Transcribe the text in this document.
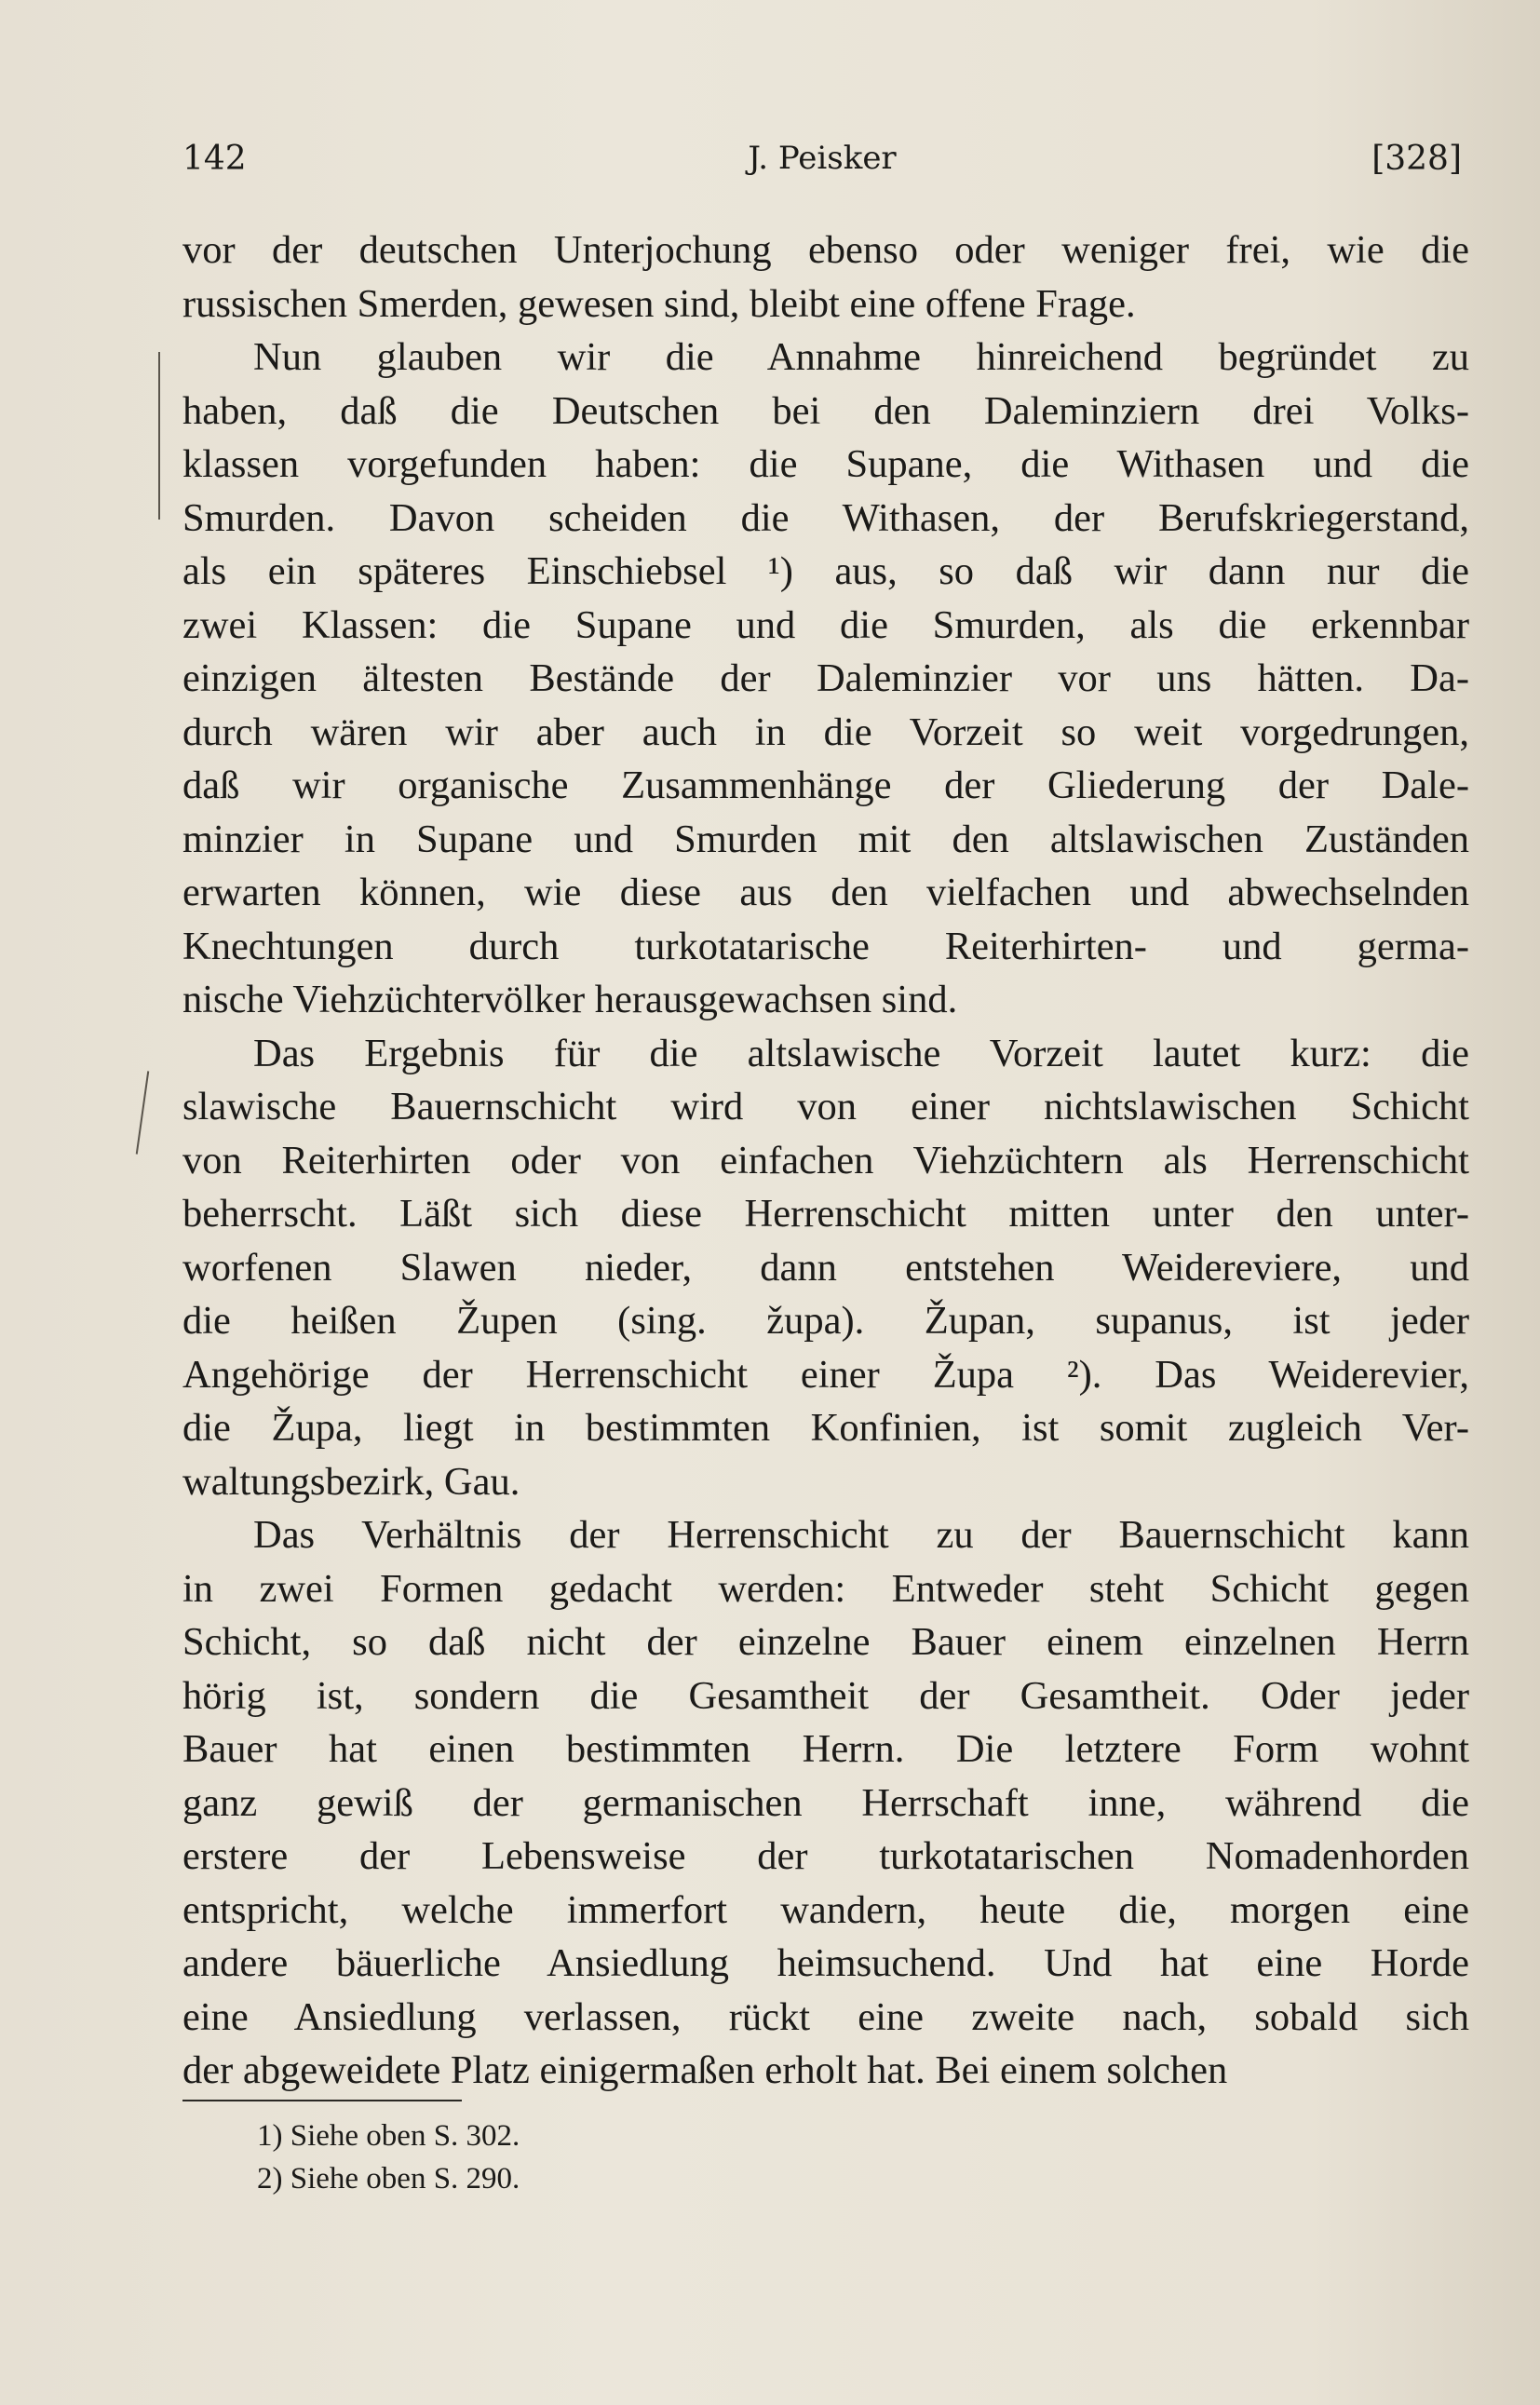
142	J. Peisker	[328]
vor der deutschen Unterjochung ebenso oder weniger frei, wie die
russischen Smerden, gewesen sind, bleibt eine offene Frage.
Nun glauben wir die Annahme hinreichend begründet zu
haben, daß die Deutschen bei den Daleminziern drei Volks-
klassen vorgefunden haben: die Supane, die Withasen und die
Smurden. Davon scheiden die Withasen, der Berufskriegerstand,
als ein späteres Einschiebsel ¹) aus, so daß wir dann nur die
zwei Klassen: die Supane und die Smurden, als die erkennbar
einzigen ältesten Bestände der Daleminzier vor uns hätten. Da-
durch wären wir aber auch in die Vorzeit so weit vorgedrungen,
daß wir organische Zusammenhänge der Gliederung der Dale-
minzier in Supane und Smurden mit den altslawischen Zuständen
erwarten können, wie diese aus den vielfachen und abwechselnden
Knechtungen durch turkotatarische Reiterhirten- und germa-
nische Viehzüchtervölker herausgewachsen sind.
Das Ergebnis für die altslawische Vorzeit lautet kurz: die
slawische Bauernschicht wird von einer nichtslawischen Schicht
von Reiterhirten oder von einfachen Viehzüchtern als Herrenschicht
beherrscht. Läßt sich diese Herrenschicht mitten unter den unter-
worfenen Slawen nieder, dann entstehen Weidereviere, und
die heißen Župen (sing. župa). Župan, supanus, ist jeder
Angehörige der Herrenschicht einer Župa ²). Das Weiderevier,
die Župa, liegt in bestimmten Konfinien, ist somit zugleich Ver-
waltungsbezirk, Gau.
Das Verhältnis der Herrenschicht zu der Bauernschicht kann
in zwei Formen gedacht werden: Entweder steht Schicht gegen
Schicht, so daß nicht der einzelne Bauer einem einzelnen Herrn
hörig ist, sondern die Gesamtheit der Gesamtheit. Oder jeder
Bauer hat einen bestimmten Herrn. Die letztere Form wohnt
ganz gewiß der germanischen Herrschaft inne, während die
erstere der Lebensweise der turkotatarischen Nomadenhorden
entspricht, welche immerfort wandern, heute die, morgen eine
andere bäuerliche Ansiedlung heimsuchend. Und hat eine Horde
eine Ansiedlung verlassen, rückt eine zweite nach, sobald sich
der abgeweidete Platz einigermaßen erholt hat. Bei einem solchen
1) Siehe oben S. 302.
2) Siehe oben S. 290.
